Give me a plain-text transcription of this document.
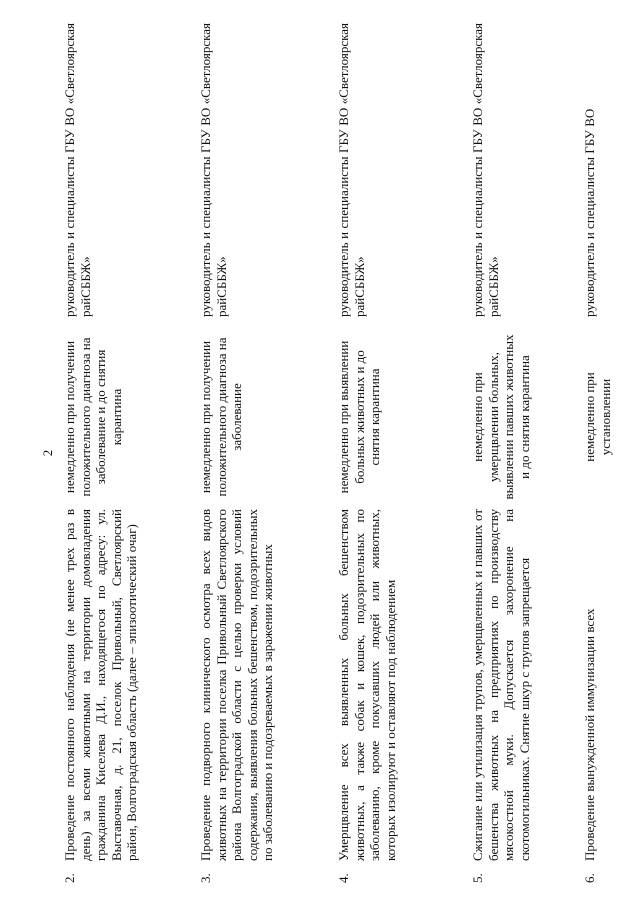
2

2.

Проведение постоянного наблюдения (не менее трех раз в день) за всеми животными на территории домовладения гражданина Киселева Д.И., находящегося по адресу: ул. Выставочная, д. 21, поселок Привольный, Светлоярский район, Волгоградская область (далее – эпизоотический очаг)

немедленно при получении положительного диагноза на заболевание и до снятия карантина

руководитель и специалисты ГБУ ВО «Светлоярская райСББЖ»

3.

Проведение подворного клинического осмотра всех видов животных на территории поселка Привольный Светлоярского района Волгоградской области с целью проверки условий содержания, выявления больных бешенством, подозрительных по заболеванию и подозреваемых в заражении животных

немедленно при получении положительного диагноза на заболевание

руководитель и специалисты ГБУ ВО «Светлоярская райСББЖ»

4.

Умерщвление всех выявленных больных бешенством животных, а также собак и кошек, подозрительных по заболеванию, кроме покусавших людей или животных, которых изолируют и оставляют под наблюдением

немедленно при выявлении больных животных и до снятия карантина

руководитель и специалисты ГБУ ВО «Светлоярская райСББЖ»

5.

Сжигание или утилизация трупов, умерщвленных и павших от бешенства животных на предприятиях по производству мясокостной муки. Допускается захоронение на скотомогильниках. Снятие шкур с трупов запрещается

немедленно при умерщвлении больных, выявлении павших животных и до снятия карантина

руководитель и специалисты ГБУ ВО «Светлоярская райСББЖ»

6.

Проведение вынужденной иммунизации всех

немедленно при установлении

руководитель и специалисты ГБУ ВО
